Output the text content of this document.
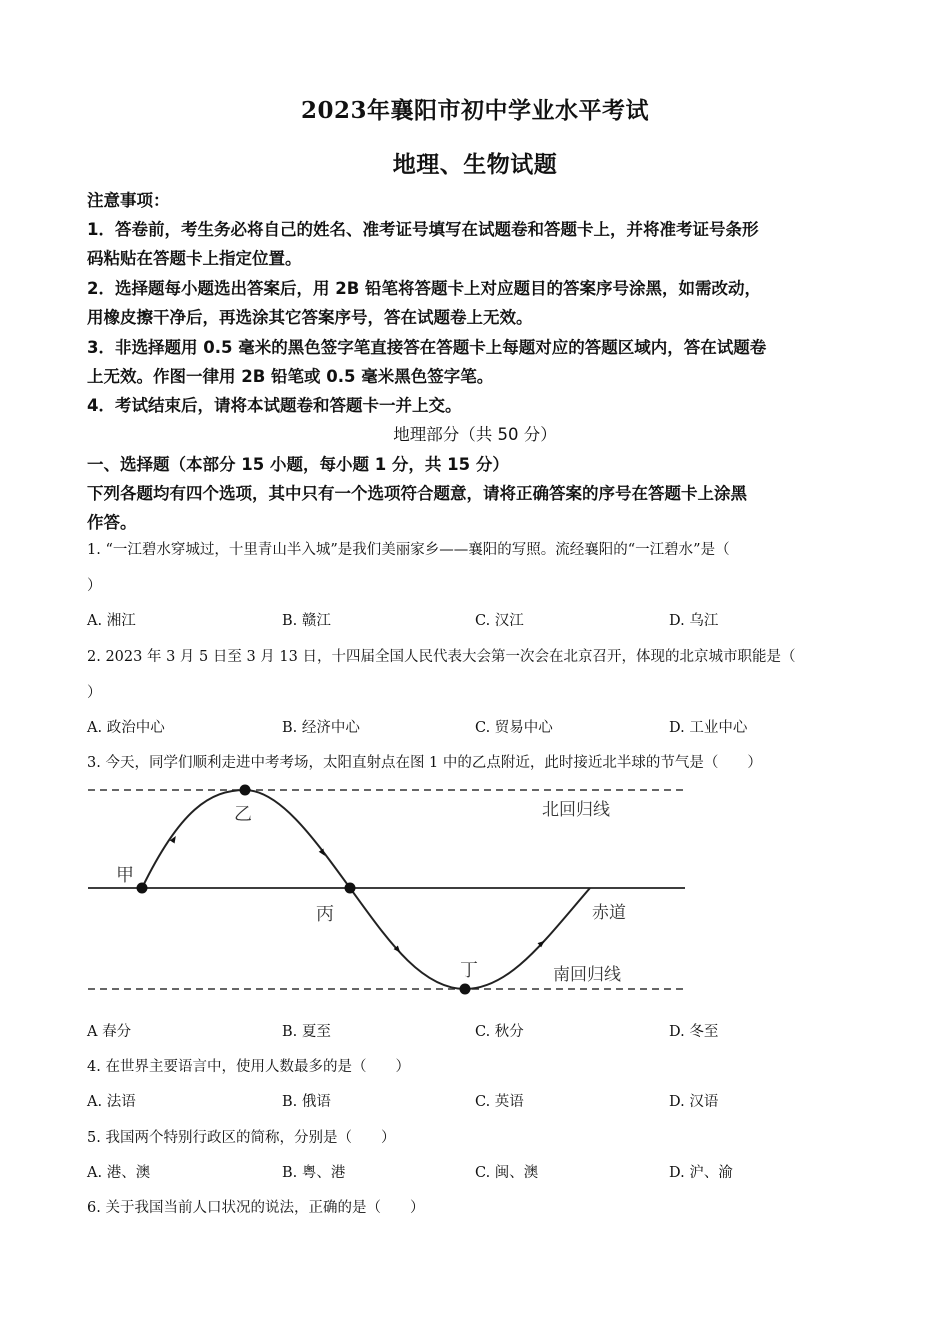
2023年襄阳市初中学业水平考试
地理、生物试题
注意事项：
1．答卷前，考生务必将自己的姓名、准考证号填写在试题卷和答题卡上，并将准考证号条形
码粘贴在答题卡上指定位置。
2．选择题每小题选出答案后，用 2B 铅笔将答题卡上对应题目的答案序号涂黑，如需改动，
用橡皮擦干净后，再选涂其它答案序号，答在试题卷上无效。
3．非选择题用 0.5 毫米的黑色签字笔直接答在答题卡上每题对应的答题区域内，答在试题卷
上无效。作图一律用 2B 铅笔或 0.5 毫米黑色签字笔。
4．考试结束后，请将本试题卷和答题卡一并上交。
地理部分（共 50 分）
一、选择题（本部分 15 小题，每小题 1 分，共 15 分）
下列各题均有四个选项，其中只有一个选项符合题意，请将正确答案的序号在答题卡上涂黑
作答。
1. “一江碧水穿城过，十里青山半入城”是我们美丽家乡——襄阳的写照。流经襄阳的“一江碧水”是（
）
A. 湘江	B. 赣江	C. 汉江	D. 乌江
2. 2023 年 3 月 5 日至 3 月 13 日，十四届全国人民代表大会第一次会在北京召开，体现的北京城市职能是（
）
A. 政治中心	B. 经济中心	C. 贸易中心	D. 工业中心
3. 今天，同学们顺利走进中考考场，太阳直射点在图 1 中的乙点附近，此时接近北半球的节气是（　　）
甲
乙
丙
丁
北回归线
赤道
南回归线
A 春分	B. 夏至	C. 秋分	D. 冬至
4. 在世界主要语言中，使用人数最多的是（　　）
A. 法语	B. 俄语	C. 英语	D. 汉语
5. 我国两个特别行政区的简称，分别是（　　）
A. 港、澳	B. 粤、港	C. 闽、澳	D. 沪、渝
6. 关于我国当前人口状况的说法，正确的是（　　）
